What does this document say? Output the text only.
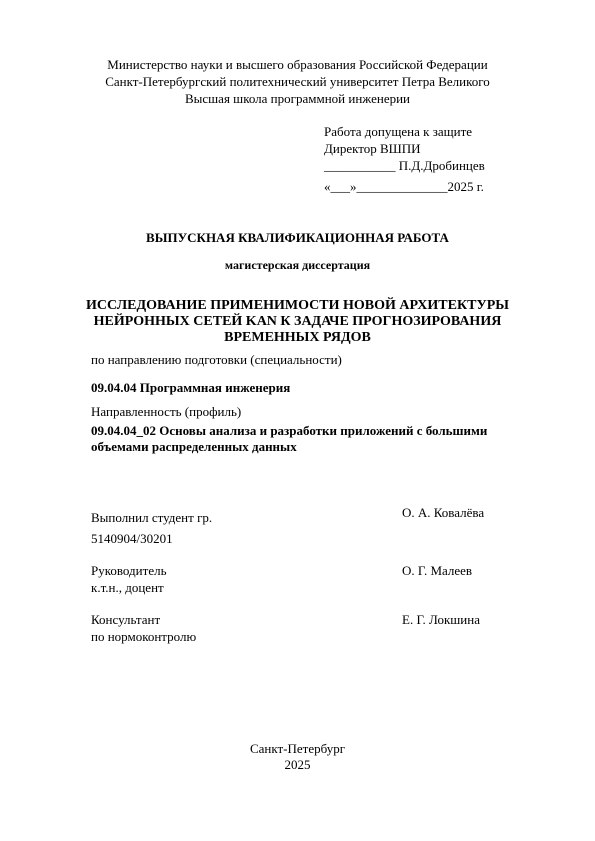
Министерство науки и высшего образования Российской Федерации
Санкт-Петербургский политехнический университет Петра Великого
Высшая школа программной инженерии
Работа допущена к защите
Директор ВШПИ
___________ П.Д.Дробинцев
«___»______________2025 г.
ВЫПУСКНАЯ КВАЛИФИКАЦИОННАЯ РАБОТА
магистерская диссертация
ИССЛЕДОВАНИЕ ПРИМЕНИМОСТИ НОВОЙ АРХИТЕКТУРЫ
НЕЙРОННЫХ СЕТЕЙ KAN К ЗАДАЧЕ ПРОГНОЗИРОВАНИЯ
ВРЕМЕННЫХ РЯДОВ
по направлению подготовки (специальности)
09.04.04 Программная инженерия
Направленность (профиль)
09.04.04_02 Основы анализа и разработки приложений с большими
объемами распределенных данных
Выполнил студент гр.
5140904/30201
О. А. Ковалёва
Руководитель
к.т.н., доцент
О. Г. Малеев
Консультант
по нормоконтролю
Е. Г. Локшина
Санкт-Петербург
2025
